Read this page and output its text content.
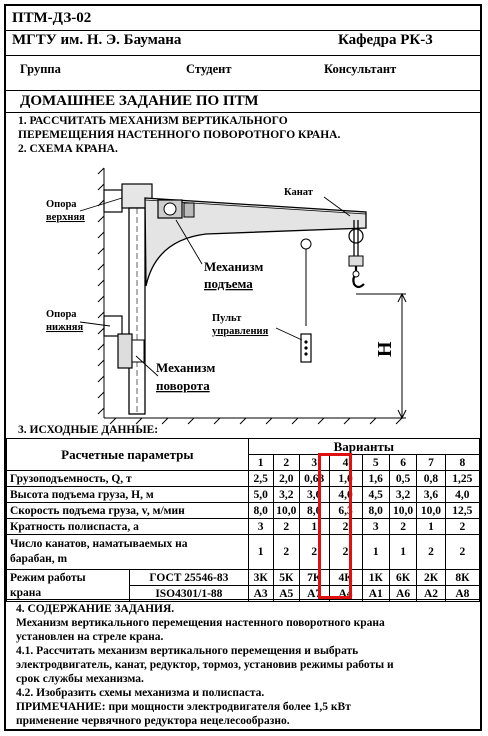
ПТМ-ДЗ-02
МГТУ им. Н. Э. Баумана	Кафедра РК-3
Группа	Студент	Консультант
ДОМАШНЕЕ ЗАДАНИЕ ПО ПТМ
1. РАССЧИТАТЬ МЕХАНИЗМ ВЕРТИКАЛЬНОГО
ПЕРЕМЕЩЕНИЯ НАСТЕННОГО ПОВОРОТНОГО КРАНА.
2. СХЕМА КРАНА.
H
Опора
верхняя
Канат
Механизм
подъема
Пульт
управления
Опора
нижняя
Механизм
поворота
3. ИСХОДНЫЕ ДАННЫЕ:
Расчетные параметры		Варианты							
		1	2	3	4	5	6	7	8
Грузоподъемность, Q, т		2,5	2,0	0,63	1,0	1,6	0,5	0,8	1,25
Высота подъема груза, H, м		5,0	3,2	3,6	4,0	4,5	3,2	3,6	4,0
Скорость подъема груза, v, м/мин		8,0	10,0	8,0	6,3	8,0	10,0	10,0	12,5
Кратность полиспаста, а		3	2	1	2	3	2	1	2

Число канатов, наматываемых на
барабан, m		1	2	2	2	1	1	2	2

Режим работы
крана	ГОСТ 25546-83	3К	5К	7К	4К	1К	6К	2К	8К
	ISO4301/1-88	А3	А5	А7	А4	А1	А6	А2	А8
4. СОДЕРЖАНИЕ ЗАДАНИЯ.
Механизм вертикального перемещения настенного поворотного крана
установлен на стреле крана.
4.1. Рассчитать механизм вертикального перемещения и выбрать
электродвигатель, канат, редуктор, тормоз, установив режимы работы и
срок службы механизма.
4.2. Изобразить схемы механизма и полиспаста.
ПРИМЕЧАНИЕ: при мощности электродвигателя более 1,5 кВт
применение червячного редуктора нецелесообразно.
